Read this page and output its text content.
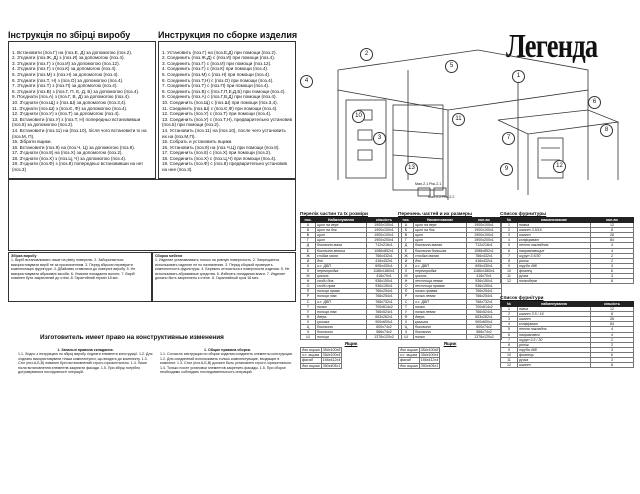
Інструкція по збірці виробу

1. Встановити (поз.Г) на (поз.Е, Д) за допомогою (поз.2).
2. З'єднати (поз.Ж, Д) з (поз.И) за допомогою (поз.4).
3. З'єднати (поз.Г) з (поз.И) за допомогою (поз.12).
4. З'єднати (поз.Г) з (поз.К) за допомогою (поз.4).
5. З'єднати (поз.М) з (поз.Н) за допомогою (поз.4).
6. З'єднати (поз.Т, Н) з (поз.О) за допомогою (поз.4).
7. З'єднати (поз.Т) з (поз.П) за допомогою (поз.4).
8. З'єднати (поз.В) з (поз.Г, П, Е, Д, Б) за допомогою (поз.4).
9. Поєднати (поз.А) з (поз.Г, В, Д) за допомогою (поз.4).
10. З'єднати (поз.Щ) з (поз.Ш) за допомогою (поз.3,4).
11. З'єднати (поз.Ш) з (поз.Є, Ф) за допомогою (поз.4).
12. З'єднати (поз.У) з (поз.Т) за допомогою (поз.4).
13. Встановити (поз.У) з (поз.Т, Н) попередньо встановивши (поз.5) за допомогою (поз.2).
14. Встановити (поз.11) на (поз.10), після чого встановити їх на (поз.М, П).
15. Зібрати ящики.
16. Встановити (поз.9) на (поз.Ч, Ц) за допомогою (поз.8).
17. З'єднати (поз.8) на (поз.Х) за допомогою (поз.2).
18. З'єднати (поз.Х) з (поз.Ц, Ч) за допомогою (поз.4).
19. З'єднати (поз.Ф) з (поз.8) попередньо встановивши на неї (поз.3)

Инструкция по сборке изделия

1. Установить (поз.Г) на (поз.Е,Д) при помощи (поз.2).
2. Соединить (поз.Ж,Д) с (поз.И) при помощи (поз.4).
3. Соединить (поз.Г) с (поз.И) при помощи (поз.12).
4. Соединить (поз.Г) с (поз.К) при помощи (поз.4).
5. Соединить (поз.М) с (поз.Н) при помощи (поз.4).
6. Соединить (поз.Т,Н) с (поз.О) при помощи (поз.4).
7. Соединить (поз.Т) с (поз.П) при помощи (поз.4).
8. Соединить (поз.В) с (поз.Г,П,Е,Д,Б) при помощи (поз.4).
9. Соединить (поз.А) с (поз.Г,В,Д) при помощи (поз.4).
10. Соединить (поз.Щ) с (поз.Ш) при помощи (поз.3,4).
11. Соединить (поз.Ш) с (поз.Є,Ф) при помощи (поз.4).
12. Соединить (поз.У) с (поз.Т) при помощи (поз.4).
13. Соединить (поз.У) с (поз.Т,Н), предварительно установив (поз.5) при помощи (поз.2).
14. Установить (поз.11) на (поз.10), после чего установить их на (поз.М,П).
15. Собрать и установить ящики.
16. Установить (поз.9) на (поз.Ч,Ц) при помощи (поз.8).
17. Соединить (поз.8) с (поз.Х) при помощи (поз.2).
18. Соединить (поз.Х) с (поз.Ц,Ч) при помощи (поз.4).
19. Соединить (поз.Ф) с (поз.8) предварительно установив на нее (поз.3).

Легенда
4
2
5
1
10
3
11
7
8
12
9
13
6
Мал.2.1 Рис.2.1
Мал.2.2 Рис.2.2
Збірка виробу
1. Виріб встановлювати лише на рівну поверхню. 2. Забороняється використовувати виріб не за призначенням. 3. Перед збіркою перевірити комплектацію фурнітури. 4. Дбайливо ставитися до поверхні виробу. 5. Не використовувати абразивні засоби. 6. Уникати попадання вологи. 7. Виріб повинен бути закріплений до стіни. 8. Гарантійний термін 18 міс.
Сборка мебели
1. Изделие устанавливать только на ровную поверхность. 2. Запрещается использовать изделие не по назначению. 3. Перед сборкой проверить комплектность фурнитуры. 4. Бережно относиться к поверхности изделия. 5. Не использовать абразивные средства. 6. Избегать попадания влаги. 7. Изделие должно быть закреплено к стене. 8. Гарантийный срок 18 мес.
Изготовитель имеет право на конструктивные изменения
1. Загальні правила складання.
1.1. Згідно з інструкцією по збірці виробу з'єднати елементи конструкції. 1.2. Для з'єднань використовувати тільки комплектуючі, що входять до комплекту. 1.3. Стіл (поз.А,Б,В) повинен бути встановлений строго горизонтально. 1.4. Лише після встановлення елементів закріпити фасади. 1.5. При збірці потрібно дотримуватися послідовності операцій.
1. Общие правила сборки.
1.1. Согласно инструкции по сборке изделия соединить элементы конструкции. 1.2. Для соединений использовать только комплектующие, входящие в комплект. 1.3. Стол (поз.А,Б,В) должен быть установлен строго горизонтально. 1.4. Только после установки элементов закрепить фасады. 1.5. При сборке необходимо соблюдать последовательность операций.
Перелік частин та їх розміри
поз.	Найменування	кількість
А	щит на верх	1900х100х1
Б	щит на бок	1900х100х1
В	щит	1900х100х1
Г	щит	1900х200х1
Д	боковина мала	712х216х1
Е	боковина велика	1086х852х1
Ж	стійка мала	766х432х1
И	дно	416х432х1
К	з.с. ДВП	695х430х1
Л	перегородка	1186х1860х1
М	цоколь	416х70х1
Н	сходи дов	936х150х1
О	сходи прав	936х150х1
П	полиця права	766х254х1
Р	полиця ліва	766х254х1
С	з.с. ДВП	766х732х1
Т	полка	700х614х2
У	полиця ліва	766х524х1
Ф	дверь	653х262х1
Х	кришка	900х600х1
Ц	боковина	600х74х2
Ч	боковина	566х74х2
Ш	полиця	1376х120х2
Ящик
дно ящика	384х100х8
з.с. ящика	394х100х4
фасад	166х412х4
дно ящика	390х405х1
Перечень частей и их размеры
поз.	Наименование	кол-во
А	щит на верх	1900х100х1
Б	щит на бок	1900х100х1
В	щит	1900х100х1
Г	щит	1900х200х1
Д	боковина малая	712х216х1
Е	боковина большая	1086х852х1
Ж	стойка малая	766х432х1
И	дно	416х432х1
К	з.с. ДВП	695х430х1
Л	перегородка	1186х1860х1
М	цоколь	416х70х1
Н	лестница левая	936х150х1
О	лестница правая	936х150х1
П	полка правая	766х254х1
Р	полка левая	766х254х1
С	з.с. ДВП	766х732х1
Т	полка	700х614х2
У	полка левая	766х524х1
Ф	дверь	653х262х1
Х	крышка	900х600х1
Ц	боковина	600х74х2
Ч	боковина	566х74х2
Ш	полка	1376х120х2
Ящик
дно ящика	384х100х8
з.с. ящика	394х100х4
фасад	166х412х4
дно ящика	390х405х1
Список фурнитуры
№	наименование	кол-во
1	ножка	12
2	шкант 3.5/16	8
3	шкант	26
4	конфирмат	84
5	петля накладная	4
6	направляющие	4
7	шуруп 3.5/30	2
8	ролик	2
9	труба 498	3
10	фланец	6
11	ручка	3
12	полкодерж	8
Список фурнітури
№	найменування	кількість
1	ніжка	12
2	шкант 3.5 / 16	8
3	шкант	26
4	конфірмат	84
5	петля накладна	4
6	направляючі	4
7	шуруп 3.5 / 30	2
8	ролик	2
9	труба 498	3
10	фланець	6
11	ручка	3
12	шкант	8
